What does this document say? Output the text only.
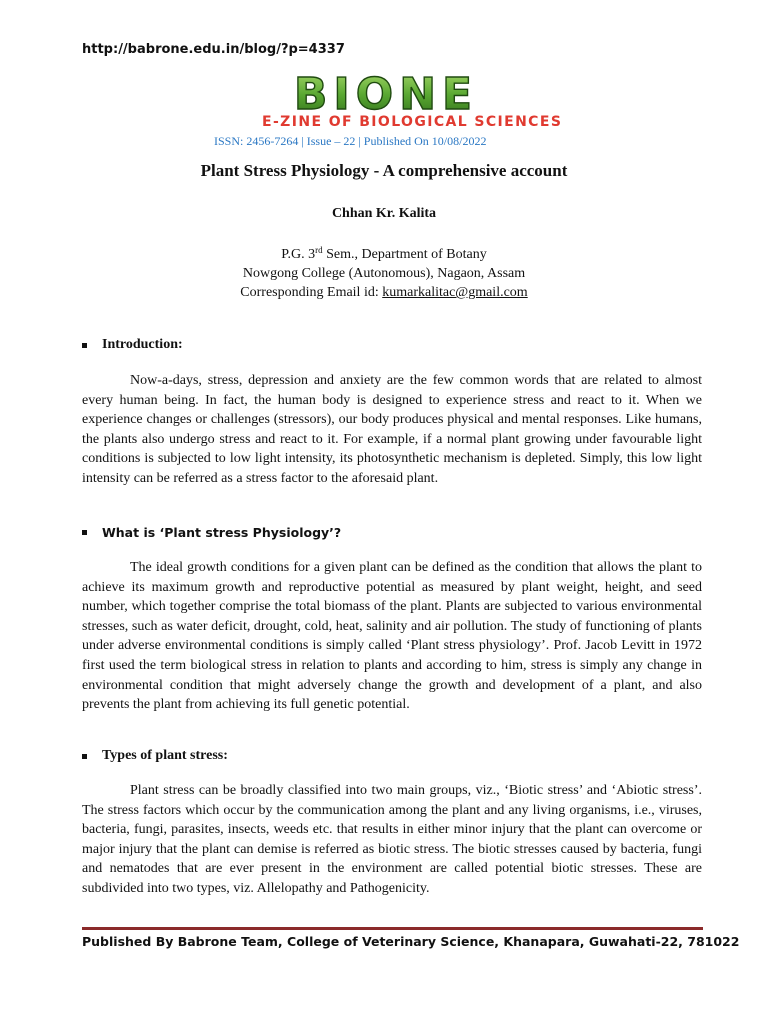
http://babrone.edu.in/blog/?p=4337
BIONE
E-ZINE OF BIOLOGICAL SCIENCES
ISSN: 2456-7264 | Issue – 22 | Published On 10/08/2022
Plant Stress Physiology - A comprehensive account
Chhan Kr. Kalita
P.G. 3rd Sem., Department of Botany
Nowgong College (Autonomous), Nagaon, Assam
Corresponding Email id: kumarkalitac@gmail.com
Introduction:

Now-a-days, stress, depression and anxiety are the few common words that are related to almost every human being. In fact, the human body is designed to experience stress and react to it. When we experience changes or challenges (stressors), our body produces physical and mental responses. Like humans, the plants also undergo stress and react to it. For example, if a normal plant growing under favourable light conditions is subjected to low light intensity, its photosynthetic mechanism is depleted. Simply, this low light intensity can be referred as a stress factor to the aforesaid plant.

What is ‘Plant stress Physiology’?

The ideal growth conditions for a given plant can be defined as the condition that allows the plant to achieve its maximum growth and reproductive potential as measured by plant weight, height, and seed number, which together comprise the total biomass of the plant. Plants are subjected to various environmental stresses, such as water deficit, drought, cold, heat, salinity and air pollution. The study of functioning of plants under adverse environmental conditions is simply called ‘Plant stress physiology’. Prof. Jacob Levitt in 1972 first used the term biological stress in relation to plants and according to him, stress is simply any change in environmental condition that might adversely change the growth and development of a plant, and also prevents the plant from achieving its full genetic potential.

Types of plant stress:

Plant stress can be broadly classified into two main groups, viz., ‘Biotic stress’ and ‘Abiotic stress’. The stress factors which occur by the communication among the plant and any living organisms, i.e., viruses, bacteria, fungi, parasites, insects, weeds etc. that results in either minor injury that the plant can overcome or major injury that the plant can demise is referred as biotic stress. The biotic stresses caused by bacteria, fungi and nematodes that are ever present in the environment are called potential biotic stresses. These are subdivided into two types, viz. Allelopathy and Pathogenicity.

Published By Babrone Team, College of Veterinary Science, Khanapara, Guwahati-22, 781022
